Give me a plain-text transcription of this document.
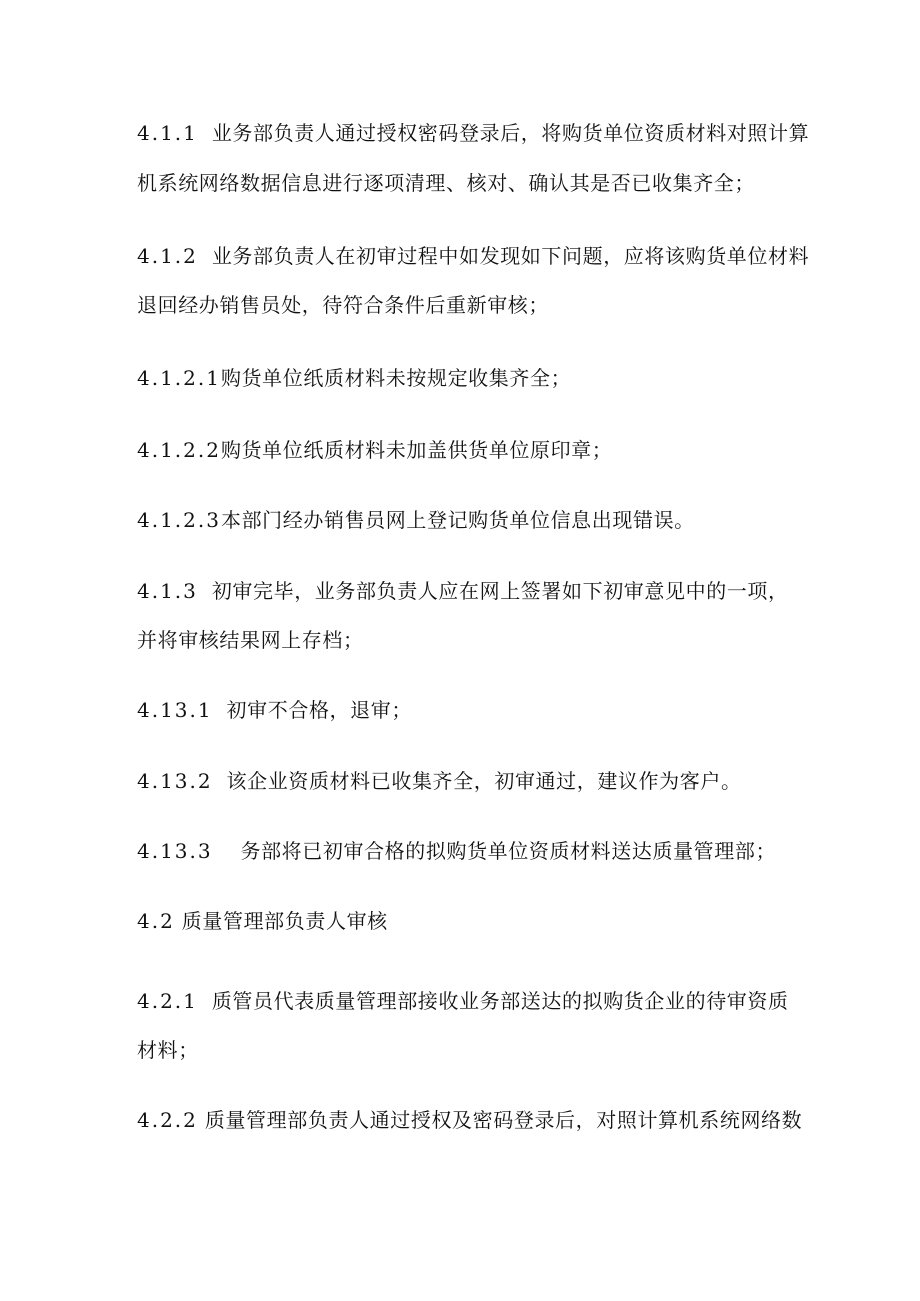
4.1.1 业务部负责人通过授权密码登录后，将购货单位资质材料对照计算
机系统网络数据信息进行逐项清理、核对、确认其是否已收集齐全；
4.1.2 业务部负责人在初审过程中如发现如下问题，应将该购货单位材料
退回经办销售员处，待符合条件后重新审核；
4.1.2.1购货单位纸质材料未按规定收集齐全；
4.1.2.2购货单位纸质材料未加盖供货单位原印章；
4.1.2.3本部门经办销售员网上登记购货单位信息出现错误。
4.1.3 初审完毕，业务部负责人应在网上签署如下初审意见中的一项，
并将审核结果网上存档；
4.13.1 初审不合格，退审；
4.13.2 该企业资质材料已收集齐全，初审通过，建议作为客户。
4.13.3 务部将已初审合格的拟购货单位资质材料送达质量管理部；
4.2 质量管理部负责人审核
4.2.1 质管员代表质量管理部接收业务部送达的拟购货企业的待审资质
材料；
4.2.2 质量管理部负责人通过授权及密码登录后，对照计算机系统网络数
